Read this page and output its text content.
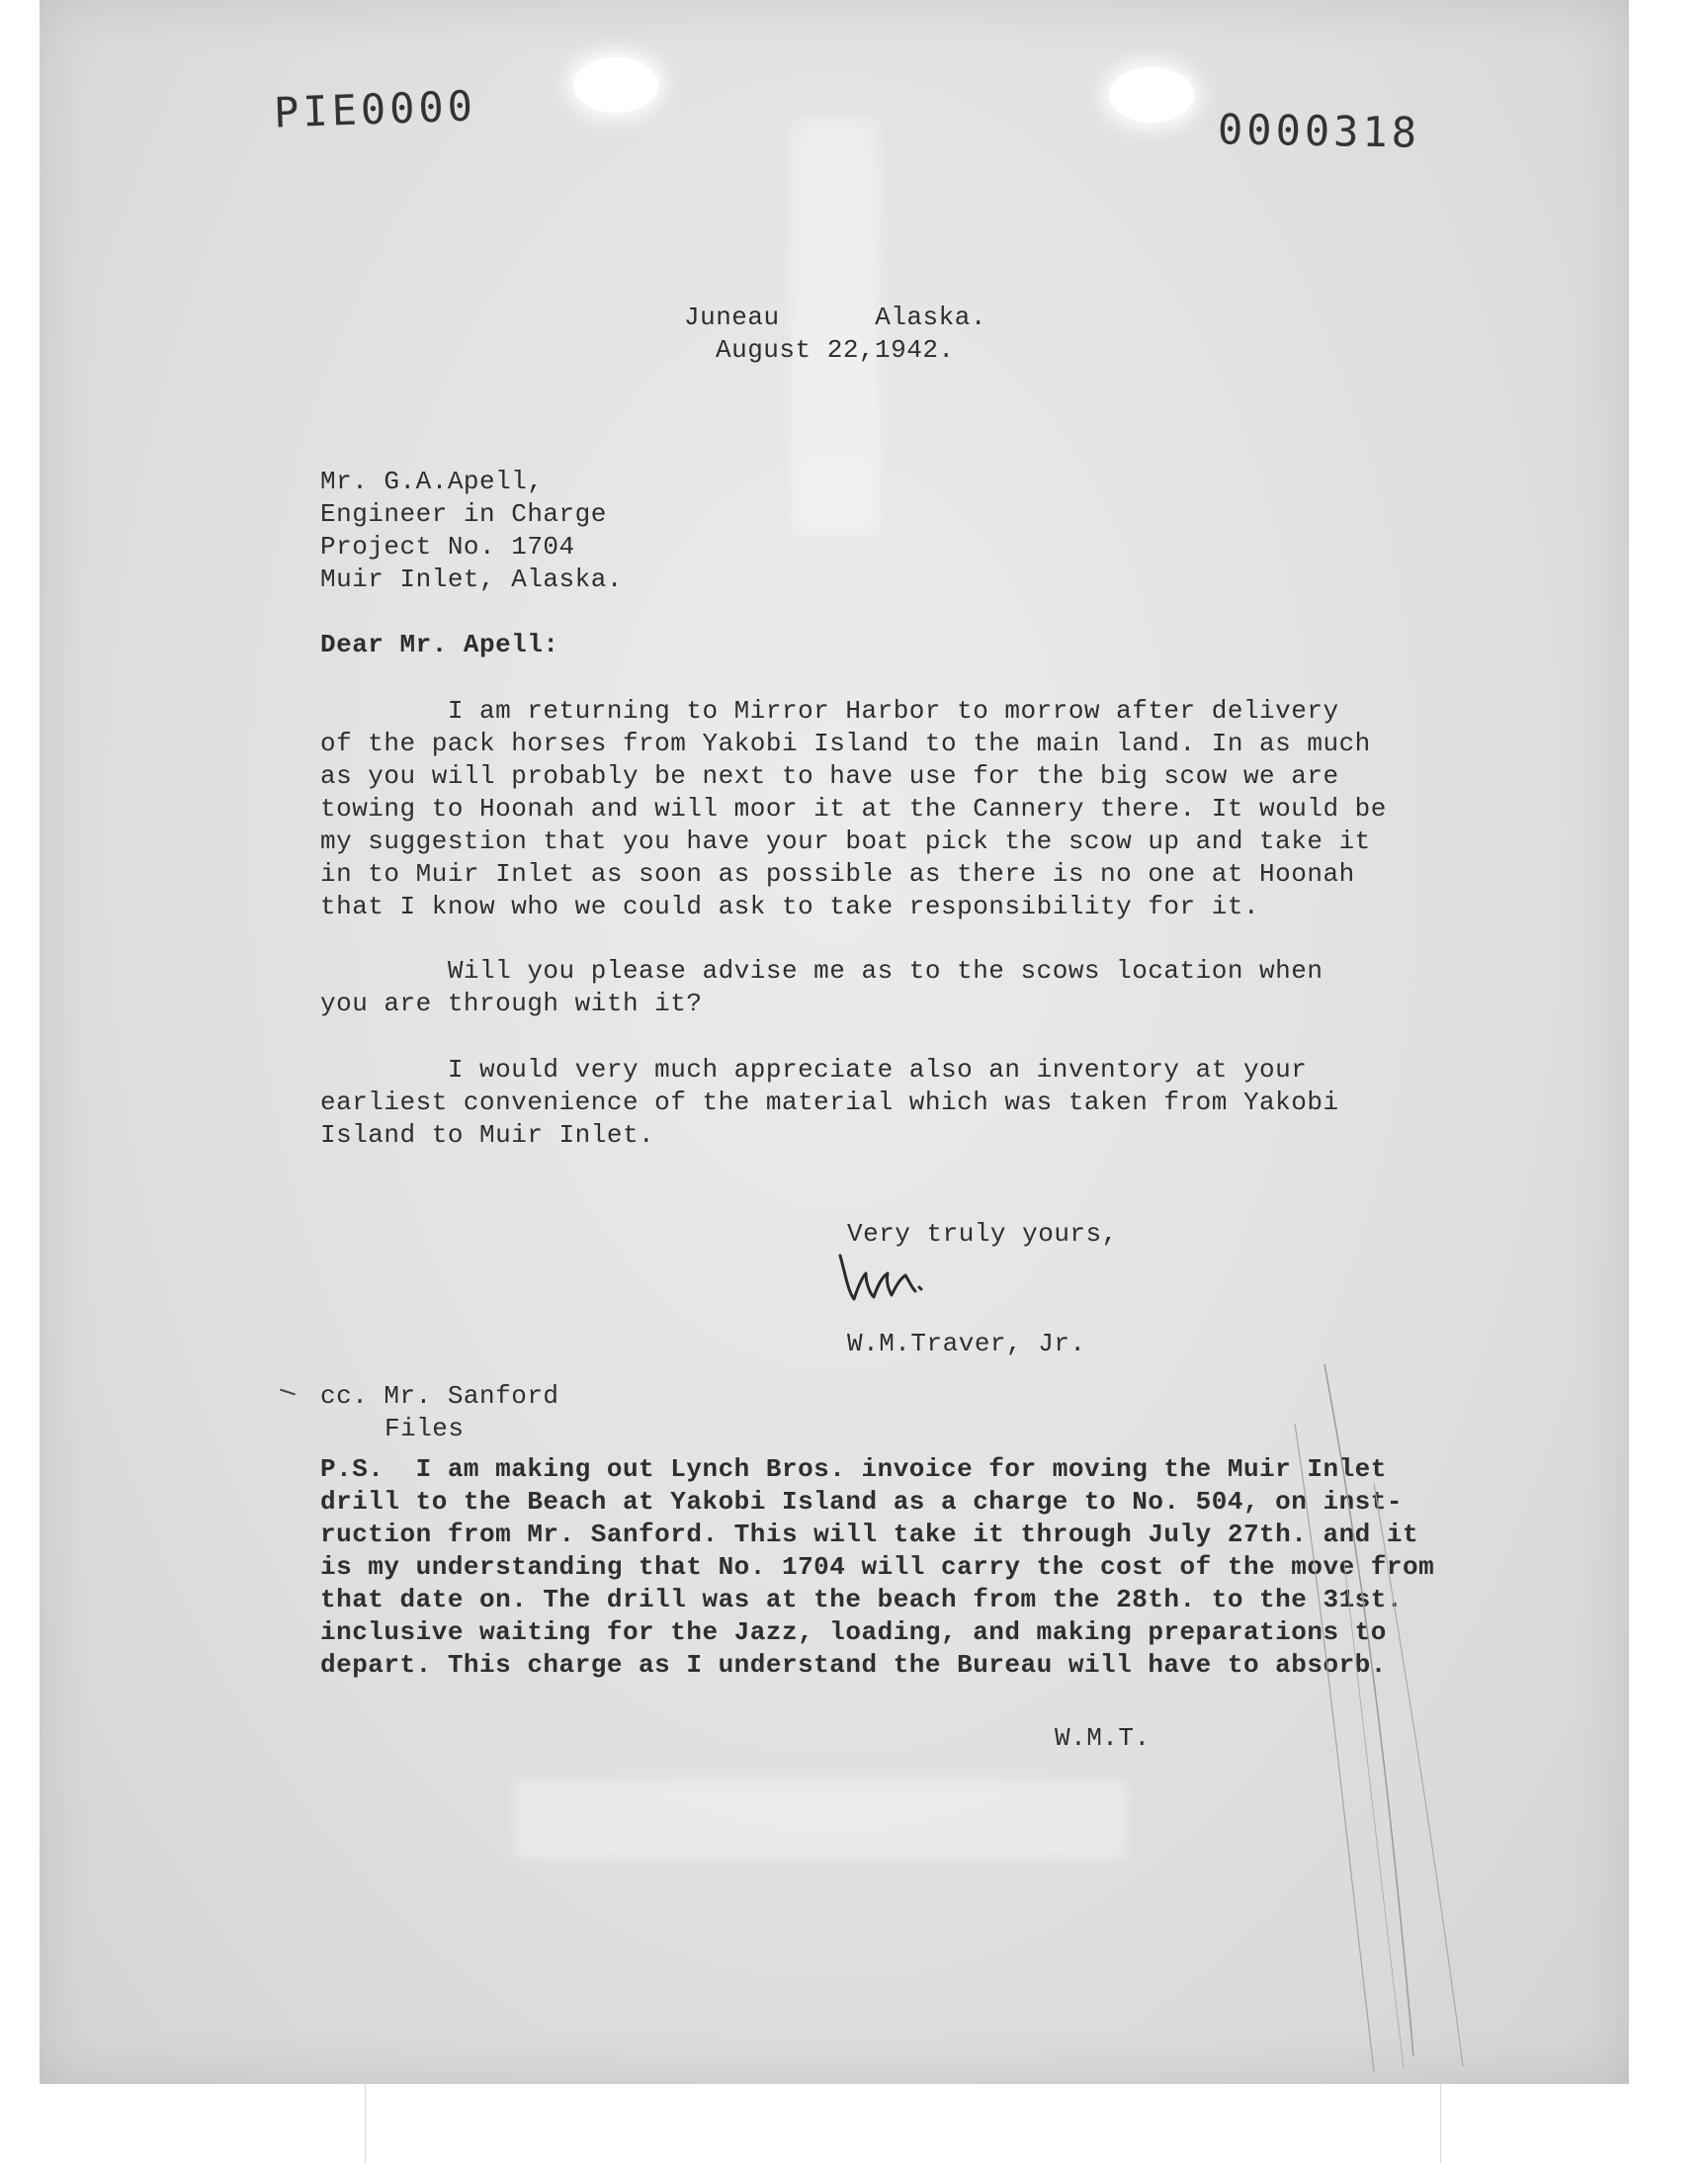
PIE0000	0000318
Juneau      Alaska.
August 22,1942.
Mr. G.A.Apell,
Engineer in Charge
Project No. 1704
Muir Inlet, Alaska.
Dear Mr. Apell:
I am returning to Mirror Harbor to morrow after delivery
of the pack horses from Yakobi Island to the main land. In as much
as you will probably be next to have use for the big scow we are
towing to Hoonah and will moor it at the Cannery there. It would be
my suggestion that you have your boat pick the scow up and take it
in to Muir Inlet as soon as possible as there is no one at Hoonah
that I know who we could ask to take responsibility for it.
Will you please advise me as to the scows location when
you are through with it?
I would very much appreciate also an inventory at your
earliest convenience of the material which was taken from Yakobi
Island to Muir Inlet.
Very truly yours,
W.M.Traver, Jr.
cc. Mr. Sanford
Files
P.S.  I am making out Lynch Bros. invoice for moving the Muir Inlet
drill to the Beach at Yakobi Island as a charge to No. 504, on inst-
ruction from Mr. Sanford. This will take it through July 27th. and it
is my understanding that No. 1704 will carry the cost of the move from
that date on. The drill was at the beach from the 28th. to the 31st.
inclusive waiting for the Jazz, loading, and making preparations to
depart. This charge as I understand the Bureau will have to absorb.
W.M.T.
